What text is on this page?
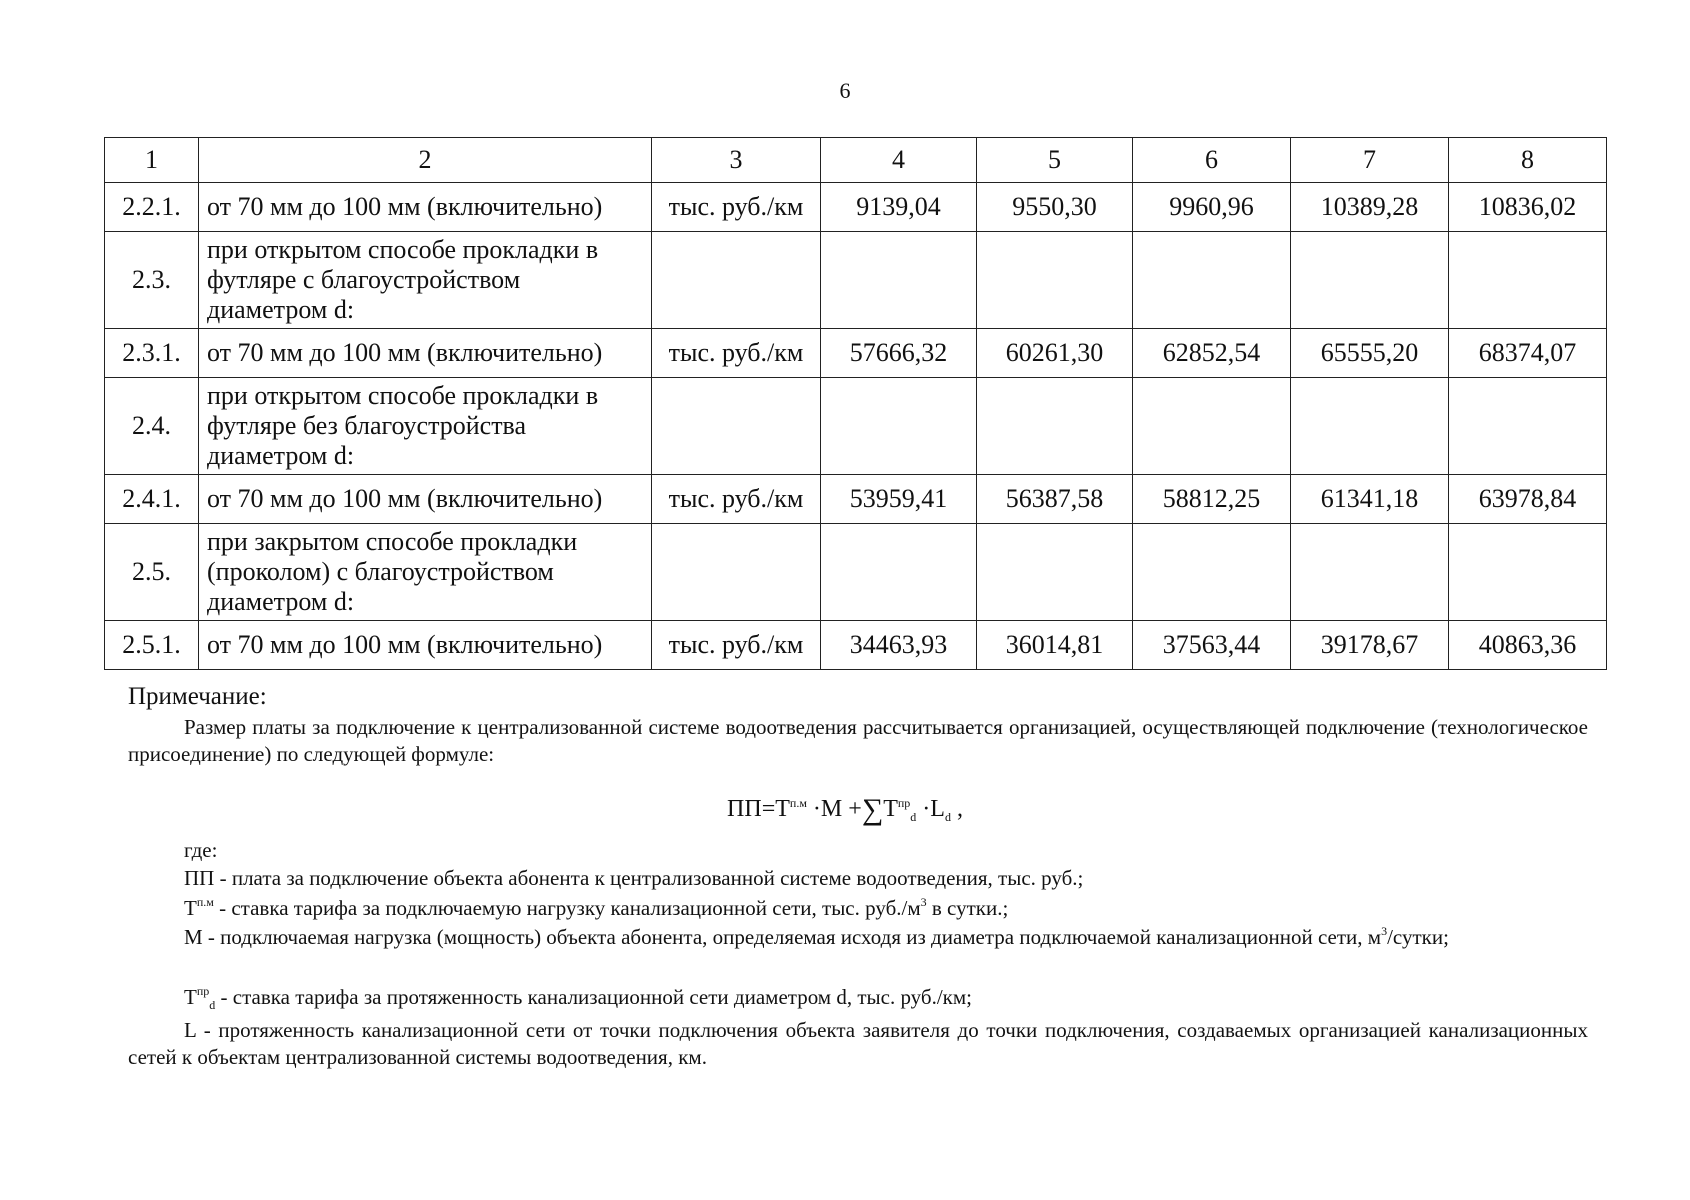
6
1	2	3	4	5	6	7	8
2.2.1.	от 70 мм до 100 мм (включительно)	тыс. руб./км	9139,04	9550,30	9960,96	10389,28	10836,02
2.3.	при открытом способе прокладки в футляре с благоустройством диаметром d:						
2.3.1.	от 70 мм до 100 мм (включительно)	тыс. руб./км	57666,32	60261,30	62852,54	65555,20	68374,07
2.4.	при открытом способе прокладки в футляре без благоустройства диаметром d:						
2.4.1.	от 70 мм до 100 мм (включительно)	тыс. руб./км	53959,41	56387,58	58812,25	61341,18	63978,84
2.5.	при закрытом способе прокладки (проколом) с благоустройством диаметром d:						
2.5.1.	от 70 мм до 100 мм (включительно)	тыс. руб./км	34463,93	36014,81	37563,44	39178,67	40863,36
Примечание:
Размер платы за подключение к централизованной системе водоотведения рассчитывается организацией, осуществляющей подключение (технологическое присоединение) по следующей формуле:
$ПП=Т^{п.м} \cdot М +\sum Т^{пр}_d \cdot L_d$ ,
где:
ПП - плата за подключение объекта абонента к централизованной системе водоотведения, тыс. руб.;
$Т^{п.м}$ - ставка тарифа за подключаемую нагрузку канализационной сети, тыс. $руб./м^3$ в сутки.;
М - подключаемая нагрузка (мощность) объекта абонента, определяемая исходя из диаметра подключаемой канализационной сети, $м^3$/сутки;
$Т^{пр}_d$ - ставка тарифа за протяженность канализационной сети диаметром d, тыс. руб./км;
L - протяженность канализационной сети от точки подключения объекта заявителя до точки подключения, создаваемых организацией канализационных сетей к объектам централизованной системы водоотведения, км.
